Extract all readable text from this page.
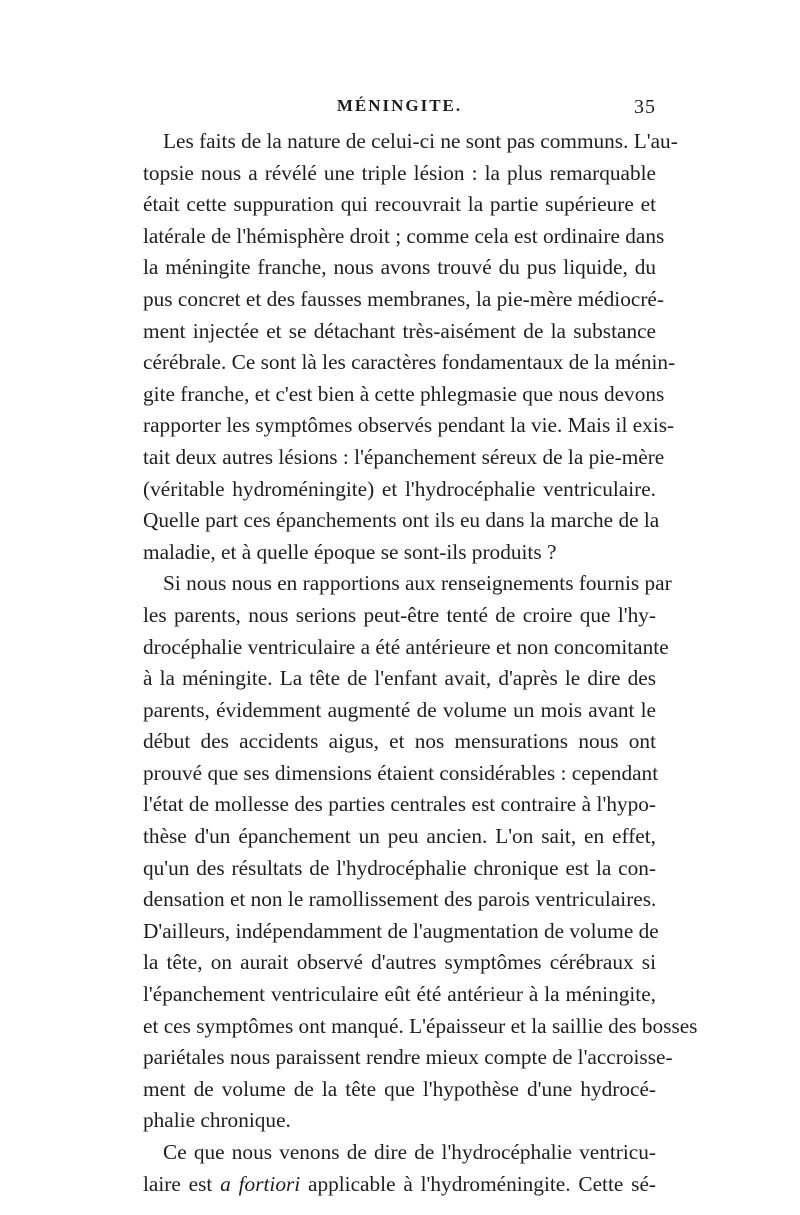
MÉNINGITE.	35
Les faits de la nature de celui-ci ne sont pas communs. L'au-
topsie nous a révélé une triple lésion : la plus remarquable
était cette suppuration qui recouvrait la partie supérieure et
latérale de l'hémisphère droit ; comme cela est ordinaire dans
la méningite franche, nous avons trouvé du pus liquide, du
pus concret et des fausses membranes, la pie-mère médiocré-
ment injectée et se détachant très-aisément de la substance
cérébrale. Ce sont là les caractères fondamentaux de la ménin-
gite franche, et c'est bien à cette phlegmasie que nous devons
rapporter les symptômes observés pendant la vie. Mais il exis-
tait deux autres lésions : l'épanchement séreux de la pie-mère
(véritable hydroméningite) et l'hydrocéphalie ventriculaire.
Quelle part ces épanchements ont ils eu dans la marche de la
maladie, et à quelle époque se sont-ils produits ?
Si nous nous en rapportions aux renseignements fournis par
les parents, nous serions peut-être tenté de croire que l'hy-
drocéphalie ventriculaire a été antérieure et non concomitante
à la méningite. La tête de l'enfant avait, d'après le dire des
parents, évidemment augmenté de volume un mois avant le
début des accidents aigus, et nos mensurations nous ont
prouvé que ses dimensions étaient considérables : cependant
l'état de mollesse des parties centrales est contraire à l'hypo-
thèse d'un épanchement un peu ancien. L'on sait, en effet,
qu'un des résultats de l'hydrocéphalie chronique est la con-
densation et non le ramollissement des parois ventriculaires.
D'ailleurs, indépendamment de l'augmentation de volume de
la tête, on aurait observé d'autres symptômes cérébraux si
l'épanchement ventriculaire eût été antérieur à la méningite,
et ces symptômes ont manqué. L'épaisseur et la saillie des bosses
pariétales nous paraissent rendre mieux compte de l'accroisse-
ment de volume de la tête que l'hypothèse d'une hydrocé-
phalie chronique.
Ce que nous venons de dire de l'hydrocéphalie ventricu-
laire est a fortiori applicable à l'hydroméningite. Cette sé-
